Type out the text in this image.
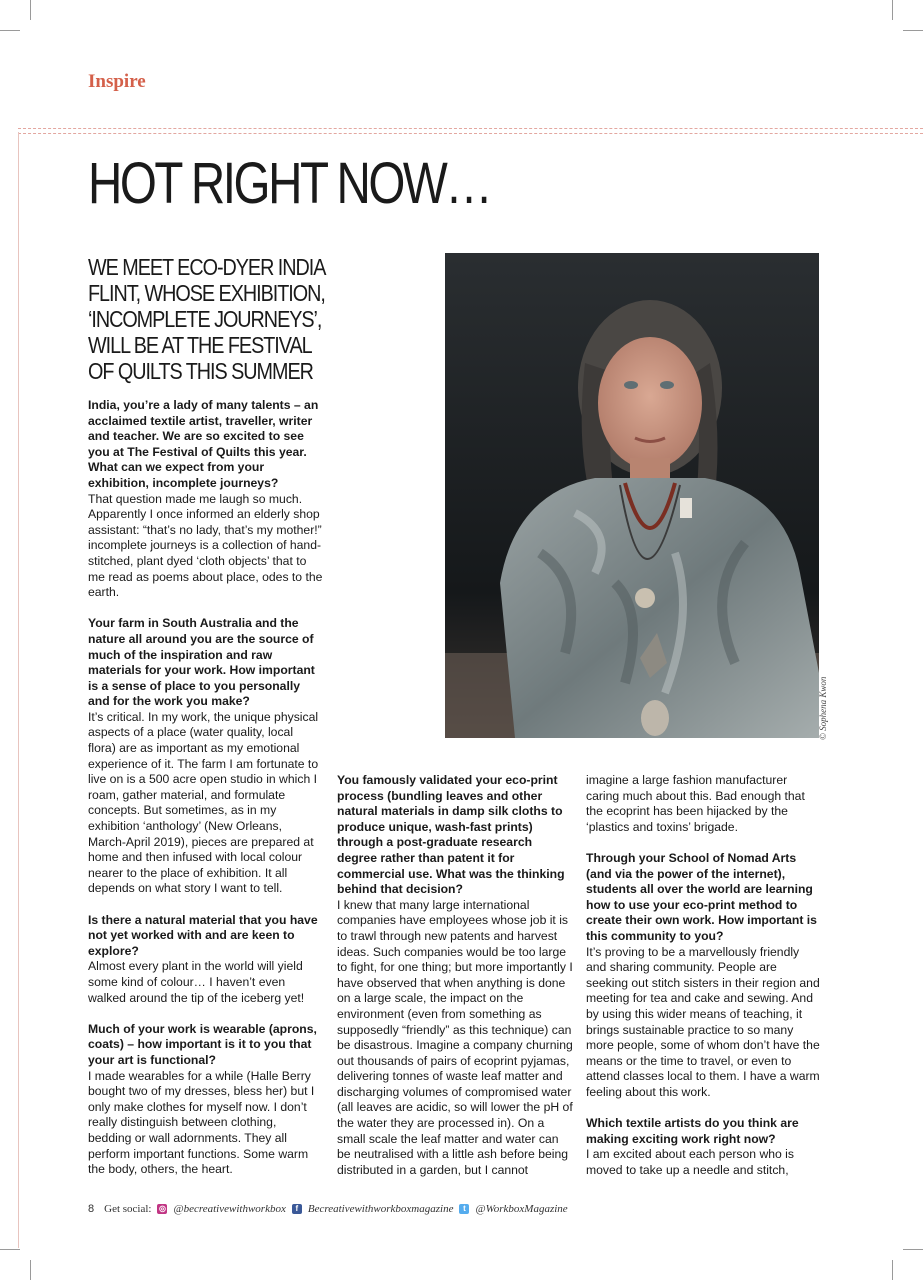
Inspire
HOT RIGHT NOW…
WE MEET ECO-DYER INDIA FLINT, WHOSE EXHIBITION, ‘INCOMPLETE JOURNEYS’, WILL BE AT THE FESTIVAL OF QUILTS THIS SUMMER

India, you’re a lady of many talents – an acclaimed textile artist, traveller, writer and teacher. We are so excited to see you at The Festival of Quilts this year. What can we expect from your exhibition, incomplete journeys?
That question made me laugh so much. Apparently I once informed an elderly shop assistant: “that’s no lady, that’s my mother!” incomplete journeys is a collection of hand-stitched, plant dyed ‘cloth objects’ that to me read as poems about place, odes to the earth.

Your farm in South Australia and the nature all around you are the source of much of the inspiration and raw materials for your work. How important is a sense of place to you personally and for the work you make?
It’s critical. In my work, the unique physical aspects of a place (water quality, local flora) are as important as my emotional experience of it. The farm I am fortunate to live on is a 500 acre open studio in which I roam, gather material, and formulate concepts. But sometimes, as in my exhibition ‘anthology’ (New Orleans, March-April 2019), pieces are prepared at home and then infused with local colour nearer to the place of exhibition. It all depends on what story I want to tell.

Is there a natural material that you have not yet worked with and are keen to explore?
Almost every plant in the world will yield some kind of colour… I haven’t even walked around the tip of the iceberg yet!

Much of your work is wearable (aprons, coats) – how important is it to you that your art is functional?
I made wearables for a while (Halle Berry bought two of my dresses, bless her) but I only make clothes for myself now. I don’t really distinguish between clothing, bedding or wall adornments. They all perform important functions. Some warm the body, others, the heart.

You famously validated your eco-print process (bundling leaves and other natural materials in damp silk cloths to produce unique, wash-fast prints) through a post-graduate research degree rather than patent it for commercial use. What was the thinking behind that decision?
I knew that many large international companies have employees whose job it is to trawl through new patents and harvest ideas. Such companies would be too large to fight, for one thing; but more importantly I have observed that when anything is done on a large scale, the impact on the environment (even from something as supposedly “friendly” as this technique) can be disastrous. Imagine a company churning out thousands of pairs of ecoprint pyjamas, delivering tonnes of waste leaf matter and discharging volumes of compromised water (all leaves are acidic, so will lower the pH of the water they are processed in). On a small scale the leaf matter and water can be neutralised with a little ash before being distributed in a garden, but I cannot

imagine a large fashion manufacturer caring much about this. Bad enough that the ecoprint has been hijacked by the ‘plastics and toxins’ brigade.

Through your School of Nomad Arts (and via the power of the internet), students all over the world are learning how to use your eco-print method to create their own work. How important is this community to you?
It’s proving to be a marvellously friendly and sharing community. People are seeking out stitch sisters in their region and meeting for tea and cake and sewing. And by using this wider means of teaching, it brings sustainable practice to so many more people, some of whom don’t have the means or the time to travel, or even to attend classes local to them. I have a warm feeling about this work.

Which textile artists do you think are making exciting work right now?
I am excited about each person who is moved to take up a needle and stitch,

© Sophena Kwon
8 Get social: ◎ @becreativewithworkbox	f Becreativewithworkboxmagazine	t @WorkboxMagazine
